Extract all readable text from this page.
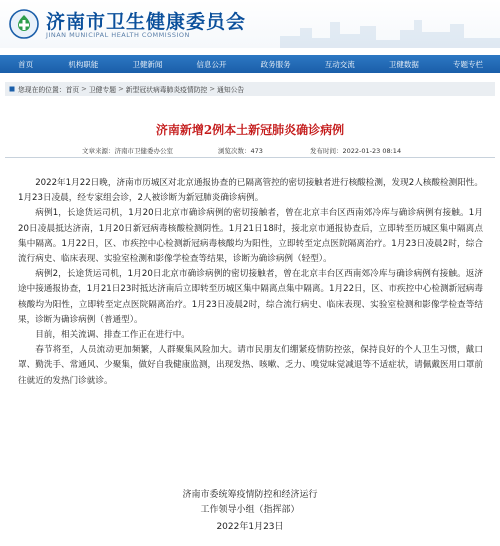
济南市卫生健康委员会
JINAN MUNICIPAL HEALTH COMMISSION
首页	机构职能	卫健新闻	信息公开	政务服务	互动交流	卫健数据	专题专栏
您现在的位置： 首页 > 卫健专题 > 新型冠状病毒肺炎疫情防控 > 通知公告
济南新增2例本土新冠肺炎确诊病例
文章来源：济南市卫健委办公室	浏览次数：473	发布时间：2022-01-23 08:14

2022年1月22日晚，济南市历城区对北京通报协查的已隔离管控的密切接触者进行核酸检测，发现2人核酸检测阳性。1月23日凌晨，经专家组会诊，2人被诊断为新冠肺炎确诊病例。

病例1，长途货运司机，1月20日北京市确诊病例的密切接触者，曾在北京丰台区西南郊冷库与确诊病例有接触。1月20日凌晨抵达济南，1月20日新冠病毒核酸检测阴性。1月21日18时，接北京市通报协查后，立即转至历城区集中隔离点集中隔离。1月22日，区、市疾控中心检测新冠病毒核酸均为阳性，立即转至定点医院隔离治疗。1月23日凌晨2时，综合流行病史、临床表现、实验室检测和影像学检查等结果，诊断为确诊病例（轻型）。

病例2，长途货运司机，1月20日北京市确诊病例的密切接触者，曾在北京丰台区西南郊冷库与确诊病例有接触。返济途中接通报协查，1月21日23时抵达济南后立即转至历城区集中隔离点集中隔离。1月22日，区、市疾控中心检测新冠病毒核酸均为阳性，立即转至定点医院隔离治疗。1月23日凌晨2时，综合流行病史、临床表现、实验室检测和影像学检查等结果，诊断为确诊病例（普通型）。

目前，相关流调、排查工作正在进行中。

春节将至，人员流动更加频繁，人群聚集风险加大。请市民朋友们绷紧疫情防控弦，保持良好的个人卫生习惯，戴口罩、勤洗手、常通风、少聚集，做好自我健康监测，出现发热、咳嗽、乏力、嗅觉味觉减退等不适症状，请佩戴医用口罩前往就近的发热门诊就诊。

济南市委统筹疫情防控和经济运行
工作领导小组（指挥部）
2022年1月23日
